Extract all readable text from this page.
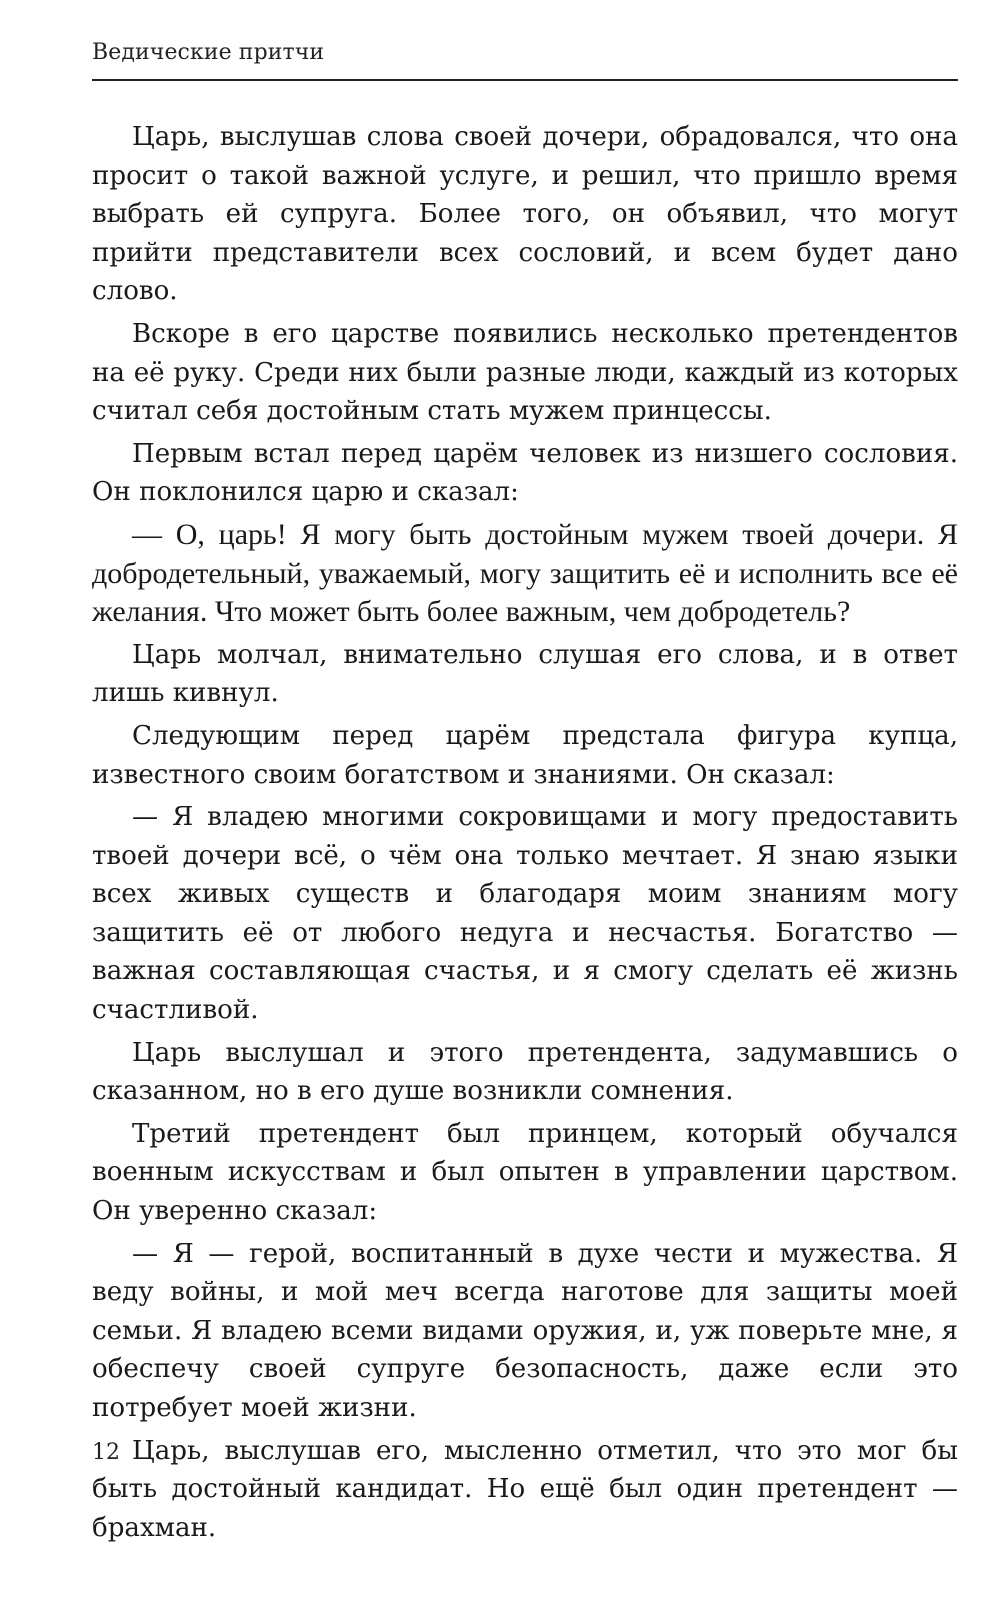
Ведические притчи

Царь, выслушав слова своей дочери, обрадовался, что она просит о такой важной услуге, и решил, что пришло время выбрать ей супруга. Более того, он объявил, что могут прийти представители всех сословий, и всем будет дано слово.

Вскоре в его царстве появились несколько претендентов на её руку. Среди них были разные люди, каждый из которых считал себя достойным стать мужем принцессы.

Первым встал перед царём человек из низшего сословия. Он поклонился царю и сказал:

— О, царь! Я могу быть достойным мужем твоей дочери. Я добродетельный, уважаемый, могу защитить её и исполнить все её желания. Что может быть более важным, чем добродетель?

Царь молчал, внимательно слушая его слова, и в ответ лишь кивнул.

Следующим перед царём предстала фигура купца, известного своим богатством и знаниями. Он сказал:

— Я владею многими сокровищами и могу предоставить твоей дочери всё, о чём она только мечтает. Я знаю языки всех живых существ и благодаря моим знаниям могу защитить её от любого недуга и несчастья. Богатство — важная составляющая счастья, и я смогу сделать её жизнь счастливой.

Царь выслушал и этого претендента, задумавшись о сказанном, но в его душе возникли сомнения.

Третий претендент был принцем, который обучался военным искусствам и был опытен в управлении царством. Он уверенно сказал:

— Я — герой, воспитанный в духе чести и мужества. Я веду войны, и мой меч всегда наготове для защиты моей семьи. Я владею всеми видами оружия, и, уж поверьте мне, я обеспечу своей супруге безопасность, даже если это потребует моей жизни.

Царь, выслушав его, мысленно отметил, что это мог бы быть достойный кандидат. Но ещё был один претендент — брахман.

12
